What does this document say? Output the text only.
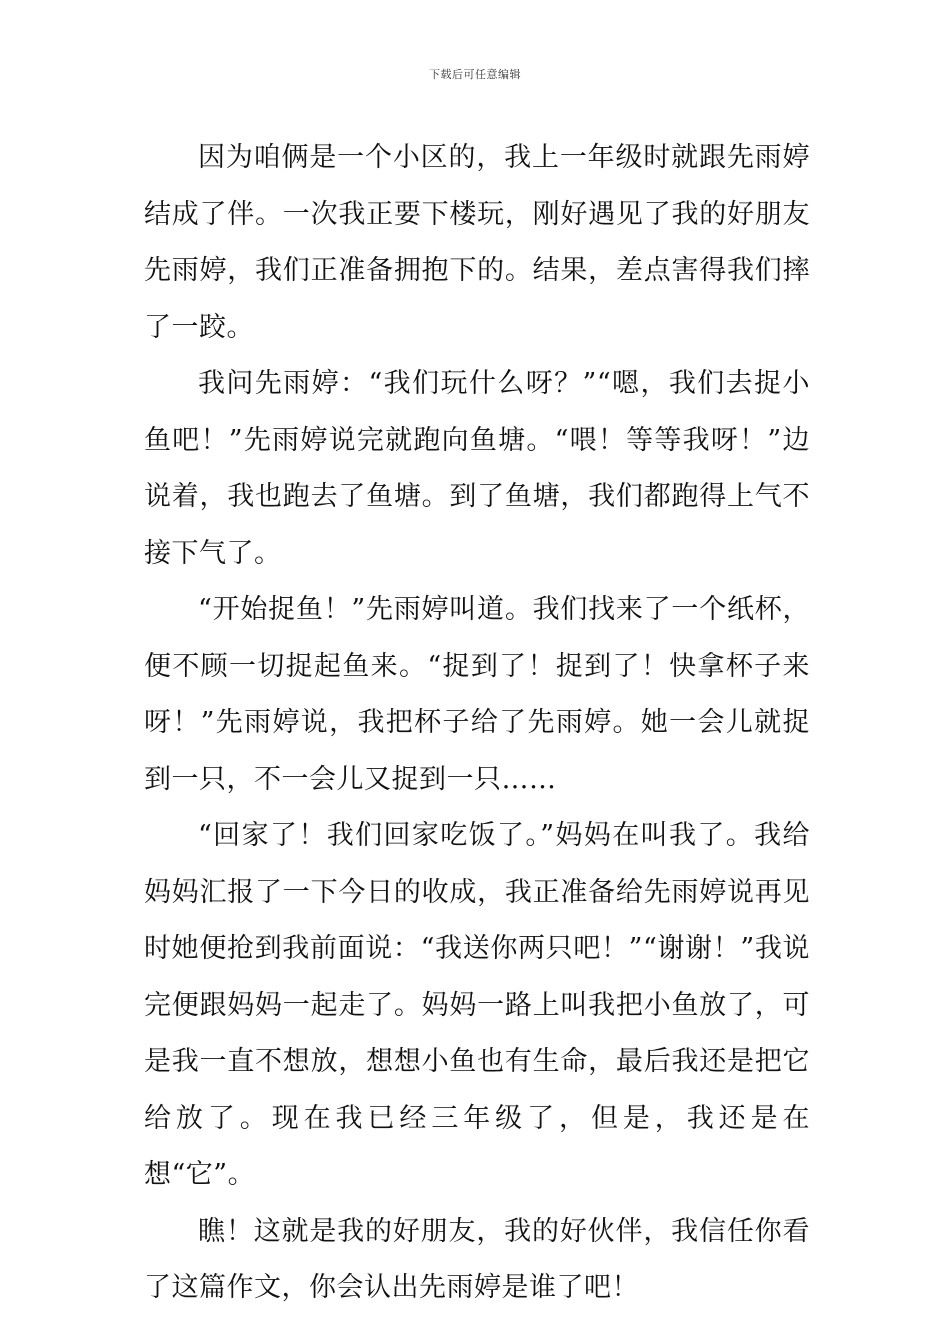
下载后可任意编辑

因为咱俩是一个小区的，我上一年级时就跟先雨婷结成了伴。一次我正要下楼玩，刚好遇见了我的好朋友先雨婷，我们正准备拥抱下的。结果，差点害得我们摔了一跤。

我问先雨婷：“我们玩什么呀？”“嗯，我们去捉小鱼吧！”先雨婷说完就跑向鱼塘。“喂！等等我呀！”边说着，我也跑去了鱼塘。到了鱼塘，我们都跑得上气不接下气了。

“开始捉鱼！”先雨婷叫道。我们找来了一个纸杯，便不顾一切捉起鱼来。“捉到了！捉到了！快拿杯子来呀！”先雨婷说，我把杯子给了先雨婷。她一会儿就捉到一只，不一会儿又捉到一只……

“回家了！我们回家吃饭了。”妈妈在叫我了。我给妈妈汇报了一下今日的收成，我正准备给先雨婷说再见时她便抢到我前面说：“我送你两只吧！”“谢谢！”我说完便跟妈妈一起走了。妈妈一路上叫我把小鱼放了，可是我一直不想放，想想小鱼也有生命，最后我还是把它给放了。现在我已经三年级了，但是，我还是在想“它”。

瞧！这就是我的好朋友，我的好伙伴，我信任你看了这篇作文，你会认出先雨婷是谁了吧！
